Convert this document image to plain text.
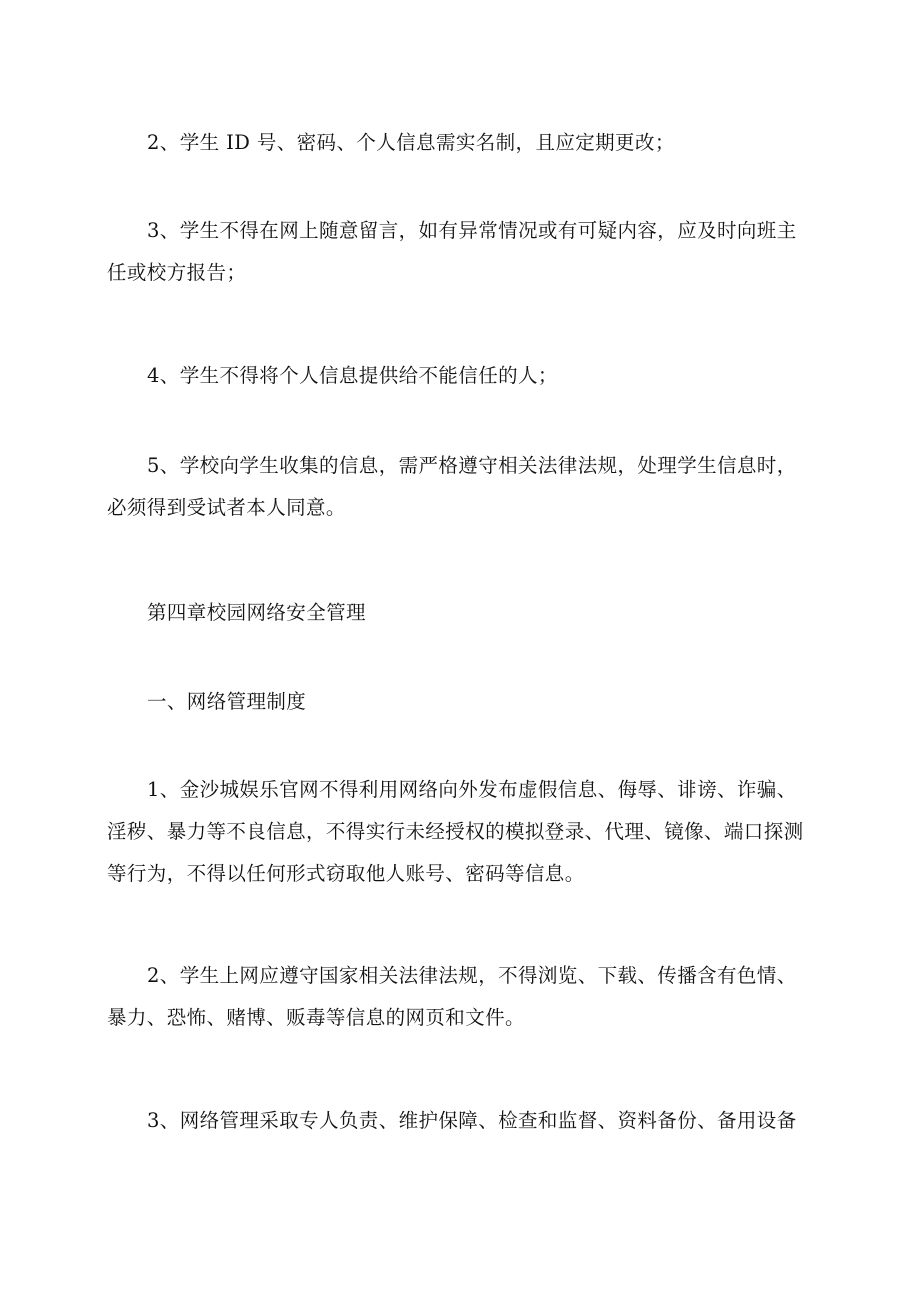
2、学生 ID 号、密码、个人信息需实名制，且应定期更改；

3、学生不得在网上随意留言，如有异常情况或有可疑内容，应及时向班主
任或校方报告；

4、学生不得将个人信息提供给不能信任的人；

5、学校向学生收集的信息，需严格遵守相关法律法规，处理学生信息时，
必须得到受试者本人同意。

第四章校园网络安全管理

一、网络管理制度

1、金沙城娱乐官网不得利用网络向外发布虚假信息、侮辱、诽谤、诈骗、
淫秽、暴力等不良信息，不得实行未经授权的模拟登录、代理、镜像、端口探测
等行为，不得以任何形式窃取他人账号、密码等信息。

2、学生上网应遵守国家相关法律法规，不得浏览、下载、传播含有色情、
暴力、恐怖、赌博、贩毒等信息的网页和文件。

3、网络管理采取专人负责、维护保障、检查和监督、资料备份、备用设备
